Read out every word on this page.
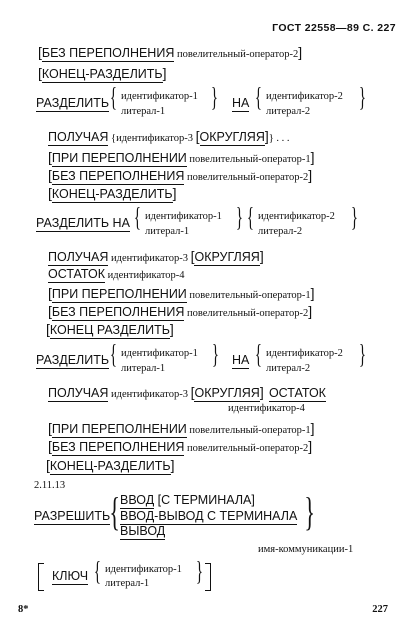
ГОСТ 22558—89 С. 227
[БЕЗ ПЕРЕПОЛНЕНИЯ повелительный-оператор-2]
[КОНЕЦ-РАЗДЕЛИТЬ]
РАЗДЕЛИТЬ { идентификатор-1
литерал-1 } НА { идентификатор-2
литерал-2 }
ПОЛУЧАЯ {идентификатор-3 [ОКРУГЛЯЯ]} . . .
[ПРИ ПЕРЕПОЛНЕНИИ повелительный-оператор-1]
[БЕЗ ПЕРЕПОЛНЕНИЯ повелительный-оператор-2]
[КОНЕЦ-РАЗДЕЛИТЬ]
РАЗДЕЛИТЬ НА { идентификатор-1
литерал-1 } { идентификатор-2
литерал-2 }
ПОЛУЧАЯ идентификатор-3 [ОКРУГЛЯЯ]
ОСТАТОК идентификатор-4
[ПРИ ПЕРЕПОЛНЕНИИ повелительный-оператор-1]
[БЕЗ ПЕРЕПОЛНЕНИЯ повелительный-оператор-2]
[КОНЕЦ РАЗДЕЛИТЬ]
РАЗДЕЛИТЬ { идентификатор-1
литерал-1 } НА { идентификатор-2
литерал-2 }
ПОЛУЧАЯ идентификатор-3 [ОКРУГЛЯЯ] ОСТАТОК
идентификатор-4
[ПРИ ПЕРЕПОЛНЕНИИ повелительный-оператор-1]
[БЕЗ ПЕРЕПОЛНЕНИЯ повелительный-оператор-2]
[КОНЕЦ-РАЗДЕЛИТЬ]
2.11.13
РАЗРЕШИТЬ { ВВОД [С ТЕРМИНАЛА]
ВВОД-ВЫВОД С ТЕРМИНАЛА
ВЫВОД	}
имя-коммуникации-1
КЛЮЧ { идентификатор-1
литерал-1 }
8*	227
